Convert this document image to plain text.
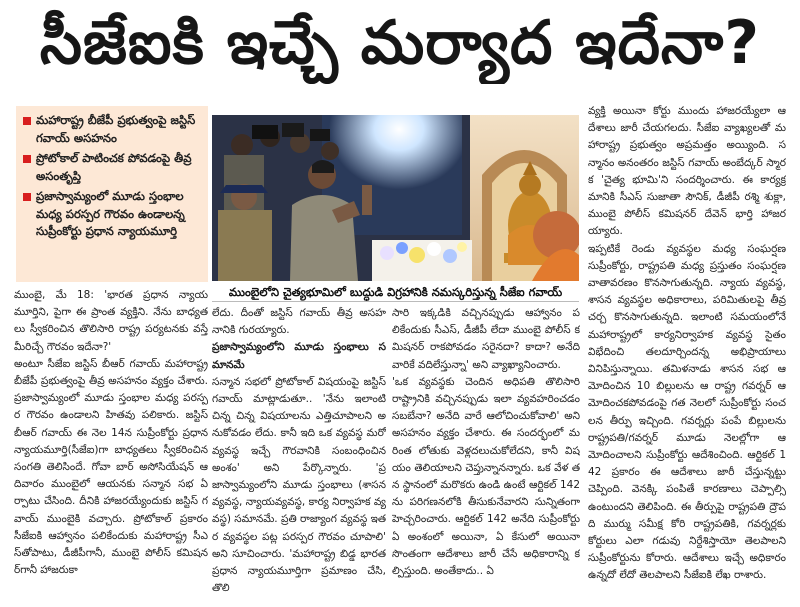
సీజేఐకి ఇచ్చే మర్యాద ఇదేనా?
మహారాష్ట్ర బీజేపీ ప్రభుత్వంపై జస్టిస్ గవాయ్ అసహనం
ప్రోటోకాల్ పాటించక పోవడంపై తీవ్ర అసంతృప్తి
ప్రజాస్వామ్యంలో మూడు స్తంభాల మధ్య పరస్పర గౌరవం ఉండాలన్న సుప్రీంకోర్టు ప్రధాన న్యాయమూర్తి
ముంబైలోని చైత్యభూమిలో బుద్ధుడి విగ్రహానికి నమస్కరిస్తున్న సీజేఐ గవాయ్

ముంబై, మే 18: 'భారత ప్రధాన న్యాయమూర్తిని, పైగా ఈ ప్రాంత వ్యక్తిని. నేను బాధ్యతలు స్వీకరించిన తొలిసారి రాష్ట్ర పర్యటనకు వస్తే మీరిచ్చే గౌరవం ఇదేనా?'

అంటూ సీజేఐ జస్టిస్ బీఆర్ గవాయ్ మహారాష్ట్ర బీజేపీ ప్రభుత్వంపై తీవ్ర అసహనం వ్యక్తం చేశారు. ప్రజాస్వామ్యంలో మూడు స్తంభాల మధ్య పరస్పర గౌరవం ఉండాలని హితవు పలికారు. జస్టిస్ బీఆర్ గవాయ్ ఈ నెల 14న సుప్రీంకోర్టు ప్రధాన న్యాయమూర్తి(సీజేఐ)గా బాధ్యతలు స్వీకరించిన సంగతి తెలిసిందే. గోవా బార్ అసోసియేషన్ ఆదివారం ముంబైలో ఆయనకు సన్మాన సభ ఏర్పాటు చేసింది. దీనికి హాజరయ్యేందుకు జస్టిస్ గవాయ్ ముంబైకి వచ్చారు. ప్రోటోకాల్ ప్రకారం సీజేఐకి ఆహ్వానం పలికేందుకు మహారాష్ట్ర సీఎస్‌తోపాటు, డీజీపీగానీ, ముంబై పోలీస్ కమిషనర్‌గానీ హాజరుకా

లేదు. దీంతో జస్టిస్ గవాయ్ తీవ్ర అసహనానికి గురయ్యారు.

ప్రజాస్వామ్యంలోని మూడు స్తంభాలు సమానమే

సన్మాన సభలో ప్రోటోకాల్ విషయంపై జస్టిస్ గవాయ్ మాట్లాడుతూ.. 'నేను ఇలాంటి చిన్న చిన్న విషయాలను ఎత్తిచూపాలని అనుకోవడం లేదు. కానీ ఇది ఒక వ్యవస్థ మరో వ్యవస్థ ఇచ్చే గౌరవానికి సంబంధించిన అంశం' అని పేర్కొన్నారు. 'ప్రజాస్వామ్యంలోని మూడు స్తంభాలు (శాసన వ్యవస్థ, న్యాయవ్యవస్థ, కార్య నిర్వాహక వ్యవస్థ) సమానమే. ప్రతి రాజ్యాంగ వ్యవస్థ ఇతర వ్యవస్థల పట్ల పరస్పర గౌరవం చూపాలి' అని సూచించారు. 'మహారాష్ట్ర బిడ్డ భారత ప్రధాన న్యాయమూర్తిగా ప్రమాణం చేసి, తొలి

సారి ఇక్కడికి వచ్చినప్పుడు ఆహ్వానం పలికేందుకు సీఎస్, డీజీపీ లేదా ముంబై పోలీస్ కమిషనర్ రాకపోవడం సరైనదా? కాదా? అనేది వారికే వదిలేస్తున్నా' అని వ్యాఖ్యానించారు.

'ఒక వ్యవస్థకు చెందిన అధిపతి తొలిసారి రాష్ట్రానికి వచ్చినప్పుడు ఇలా వ్యవహరించడం సబబేనా? అనేది వారే ఆలోచించుకోవాలి' అని అసహనం వ్యక్తం చేశారు. ఈ సందర్భంలో మరింత లోతుకు వెళ్లదలుచుకోలేదని, కానీ విషయం తెలియాలని చెప్తున్నానన్నారు. ఒక వేళ తన స్థానంలో మరొకరు ఉండి ఉంటే ఆర్టికల్ 142ను పరిగణనలోకి తీసుకునేవారని సున్నితంగా హెచ్చరించారు. ఆర్టికల్ 142 అనేది సుప్రీంకోర్టు ఏ అంశంలో అయినా, ఏ కేసులో అయినా సొంతంగా ఆదేశాలు జారీ చేసే అధికారాన్ని కల్పిస్తుంది. అంతేకాదు.. ఏ

వ్యక్తి అయినా కోర్టు ముందు హాజరయ్యేలా ఆదేశాలు జారీ చేయగలదు. సీజేఐ వ్యాఖ్యలతో మహారాష్ట్ర ప్రభుత్వం అప్రమత్తం అయ్యింది. సన్మానం అనంతరం జస్టిస్ గవాయ్ అంబేద్కర్ స్మారక 'చైత్య భూమి'ని సందర్శించారు. ఈ కార్యక్రమానికి సీఎస్ సుజాతా సౌనిక్, డీజీపీ రశ్మి శుక్లా, ముంబై పోలీస్ కమిషనర్ దేవెన్ భార్తి హాజరయ్యారు.

ఇప్పటికే రెండు వ్యవస్థల మధ్య సంఘర్షణ సుప్రీంకోర్టు, రాష్ట్రపతి మధ్య ప్రస్తుతం సంఘర్షణ వాతావరణం కొనసాగుతున్నది. న్యాయ వ్యవస్థ, శాసన వ్యవస్థల అధికారాలు, పరిమితులపై తీవ్ర చర్చ కొనసాగుతున్నది. ఇలాంటి సమయంలోనే మహారాష్ట్రలో కార్యనిర్వాహక వ్యవస్థ సైతం విభేదించి తలదూర్చిందన్న అభిప్రాయాలు వినిపిస్తున్నాయి. తమిళనాడు శాసన సభ ఆమోదించిన 10 బిల్లులను ఆ రాష్ట్ర గవర్నర్ ఆమోదించకపోవడంపై గత నెలలో సుప్రీంకోర్టు సంచలన తీర్పు ఇచ్చింది. గవర్నర్లు పంపే బిల్లులను రాష్ట్రపతి/గవర్నర్ మూడు నెలల్లోగా ఆమోదించాలని సుప్రీంకోర్టు ఆదేశించింది. ఆర్టికల్ 142 ప్రకారం ఈ ఆదేశాలు జారీ చేస్తున్నట్టు చెప్పింది. వెనక్కి పంపితే కారణాలు చెప్పాల్సి ఉంటుందని తెలిపింది. ఈ తీర్పుపై రాష్ట్రపతి ద్రౌపది ముర్ము సమీక్ష కోరి రాష్ట్రపతికి, గవర్నర్లకు కోర్టులు ఎలా గడువు నిర్దేశిస్తాయో తెలపాలని సుప్రీంకోర్టును కోరారు. ఆదేశాలు ఇచ్చే అధికారం ఉన్నదో లేదో తెలపాలని సీజేఐకి లేఖ రాశారు.
